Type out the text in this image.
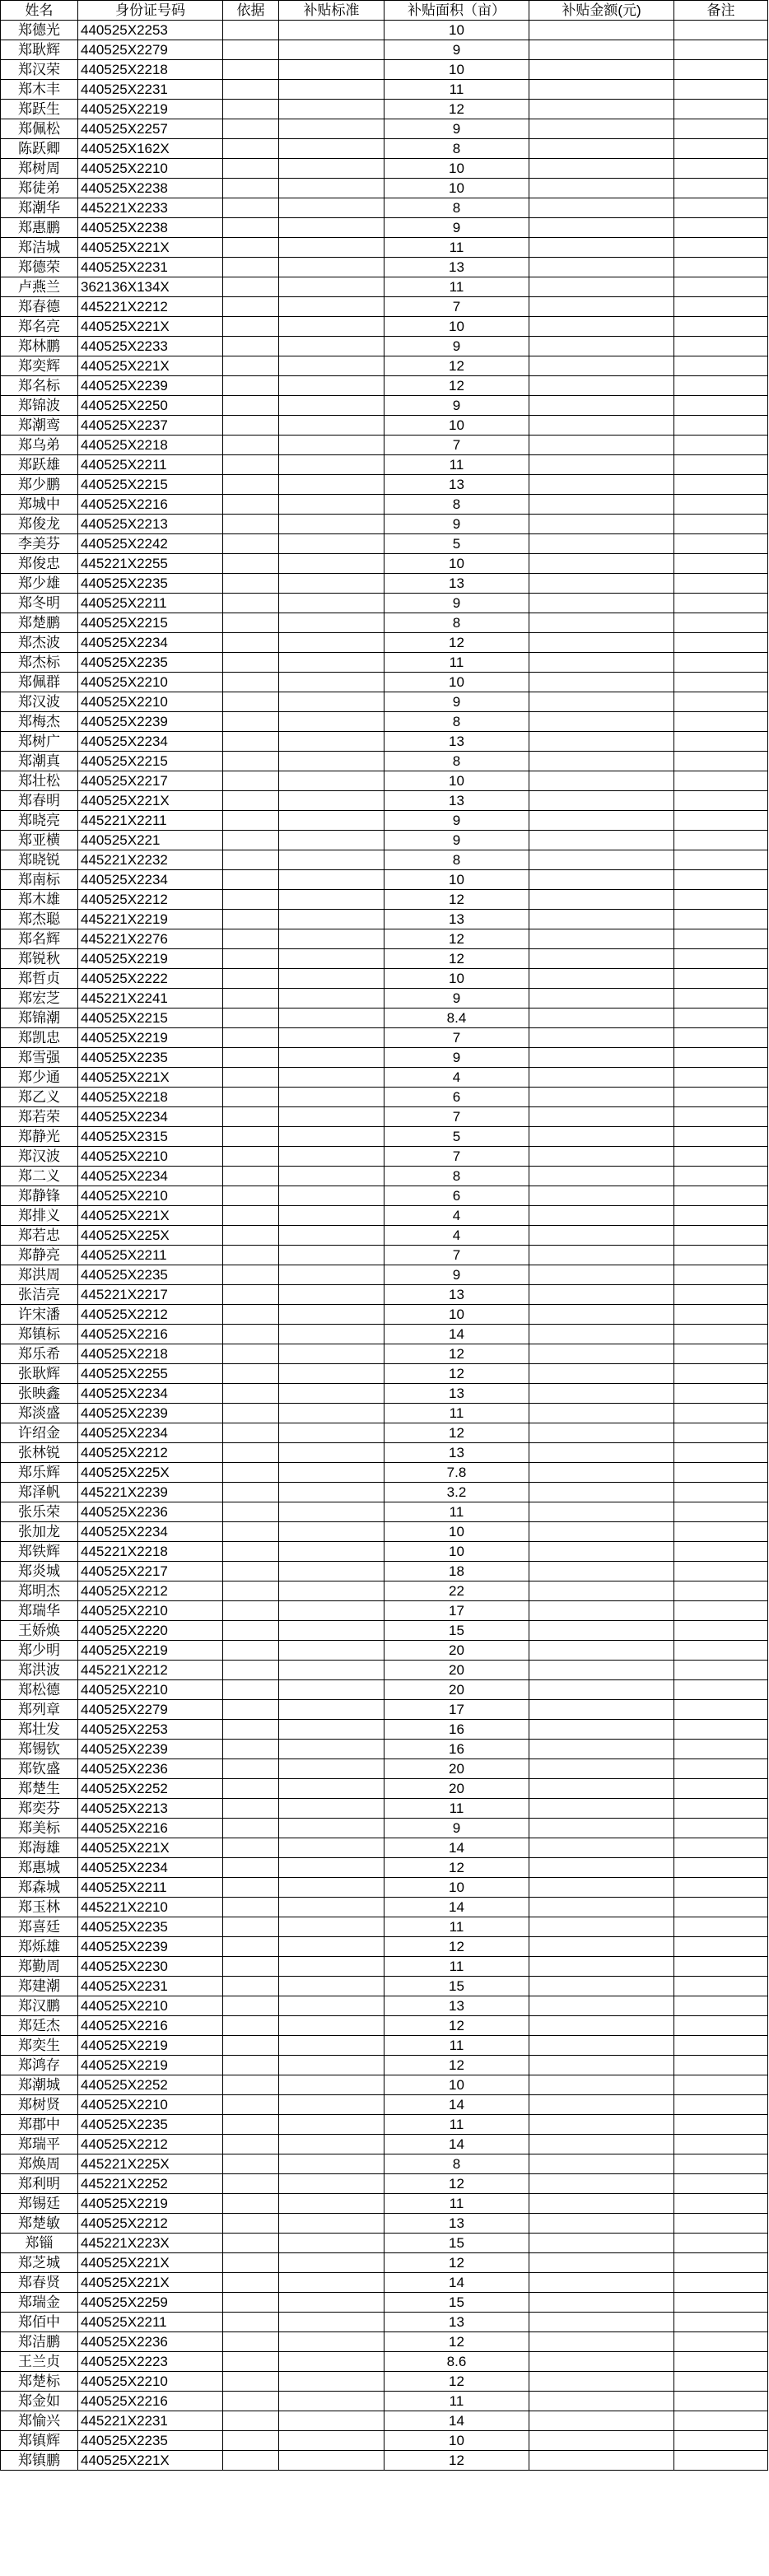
姓名	身份证号码	依据	补贴标准	补贴面积（亩）	补贴金额(元)	备注
郑德光	440525X2253			10		
郑耿辉	440525X2279			9		
郑汉荣	440525X2218			10		
郑木丰	440525X2231			11		
郑跃生	440525X2219			12		
郑佩松	440525X2257			9		
陈跃卿	440525X162X			8		
郑树周	440525X2210			10		
郑徒弟	440525X2238			10		
郑潮华	445221X2233			8		
郑惠鹏	440525X2238			9		
郑洁城	440525X221X			11		
郑德荣	440525X2231			13		
卢燕兰	362136X134X			11		
郑春德	445221X2212			7		
郑名亮	440525X221X			10		
郑林鹏	440525X2233			9		
郑奕辉	440525X221X			12		
郑名标	440525X2239			12		
郑锦波	440525X2250			9		
郑潮鸾	440525X2237			10		
郑乌弟	440525X2218			7		
郑跃雄	440525X2211			11		
郑少鹏	440525X2215			13		
郑城中	440525X2216			8		
郑俊龙	440525X2213			9		
李美芬	440525X2242			5		
郑俊忠	445221X2255			10		
郑少雄	440525X2235			13		
郑冬明	440525X2211			9		
郑楚鹏	440525X2215			8		
郑杰波	440525X2234			12		
郑杰标	440525X2235			11		
郑佩群	440525X2210			10		
郑汉波	440525X2210			9		
郑梅杰	440525X2239			8		
郑树广	440525X2234			13		
郑潮真	440525X2215			8		
郑壮松	440525X2217			10		
郑春明	440525X221X			13		
郑晓亮	445221X2211			9		
郑亚横	440525X221			9		
郑晓锐	445221X2232			8		
郑南标	440525X2234			10		
郑木雄	440525X2212			12		
郑杰聪	445221X2219			13		
郑名辉	445221X2276			12		
郑锐秋	440525X2219			12		
郑哲贞	440525X2222			10		
郑宏芝	445221X2241			9		
郑锦潮	440525X2215			8.4		
郑凯忠	440525X2219			7		
郑雪强	440525X2235			9		
郑少通	440525X221X			4		
郑乙义	440525X2218			6		
郑若荣	440525X2234			7		
郑静光	440525X2315			5		
郑汉波	440525X2210			7		
郑二义	440525X2234			8		
郑静锋	440525X2210			6		
郑排义	440525X221X			4		
郑若忠	440525X225X			4		
郑静亮	440525X2211			7		
郑洪周	440525X2235			9		
张洁亮	445221X2217			13		
许宋潘	440525X2212			10		
郑镇标	440525X2216			14		
郑乐希	440525X2218			12		
张耿辉	440525X2255			12		
张映鑫	440525X2234			13		
郑淡盛	440525X2239			11		
许绍金	440525X2234			12		
张林锐	440525X2212			13		
郑乐辉	440525X225X			7.8		
郑泽帆	445221X2239			3.2		
张乐荣	440525X2236			11		
张加龙	440525X2234			10		
郑铁辉	445221X2218			10		
郑炎城	440525X2217			18		
郑明杰	440525X2212			22		
郑瑞华	440525X2210			17		
王娇焕	440525X2220			15		
郑少明	440525X2219			20		
郑洪波	445221X2212			20		
郑松德	440525X2210			20		
郑列章	440525X2279			17		
郑壮发	440525X2253			16		
郑锡钦	440525X2239			16		
郑钦盛	440525X2236			20		
郑楚生	440525X2252			20		
郑奕芬	440525X2213			11		
郑美标	440525X2216			9		
郑海雄	440525X221X			14		
郑惠城	440525X2234			12		
郑森城	440525X2211			10		
郑玉林	445221X2210			14		
郑喜廷	440525X2235			11		
郑烁雄	440525X2239			12		
郑勤周	440525X2230			11		
郑建潮	440525X2231			15		
郑汉鹏	440525X2210			13		
郑廷杰	440525X2216			12		
郑奕生	440525X2219			11		
郑鸿存	440525X2219			12		
郑潮城	440525X2252			10		
郑树贤	440525X2210			14		
郑郡中	440525X2235			11		
郑瑞平	440525X2212			14		
郑焕周	445221X225X			8		
郑利明	445221X2252			12		
郑锡廷	440525X2219			11		
郑楚敏	440525X2212			13		
郑锱	445221X223X			15		
郑芝城	440525X221X			12		
郑春贤	440525X221X			14		
郑瑞金	440525X2259			15		
郑佰中	440525X2211			13		
郑洁鹏	440525X2236			12		
王兰贞	440525X2223			8.6		
郑楚标	440525X2210			12		
郑金如	440525X2216			11		
郑愉兴	445221X2231			14		
郑镇辉	440525X2235			10		
郑镇鹏	440525X221X			12		
